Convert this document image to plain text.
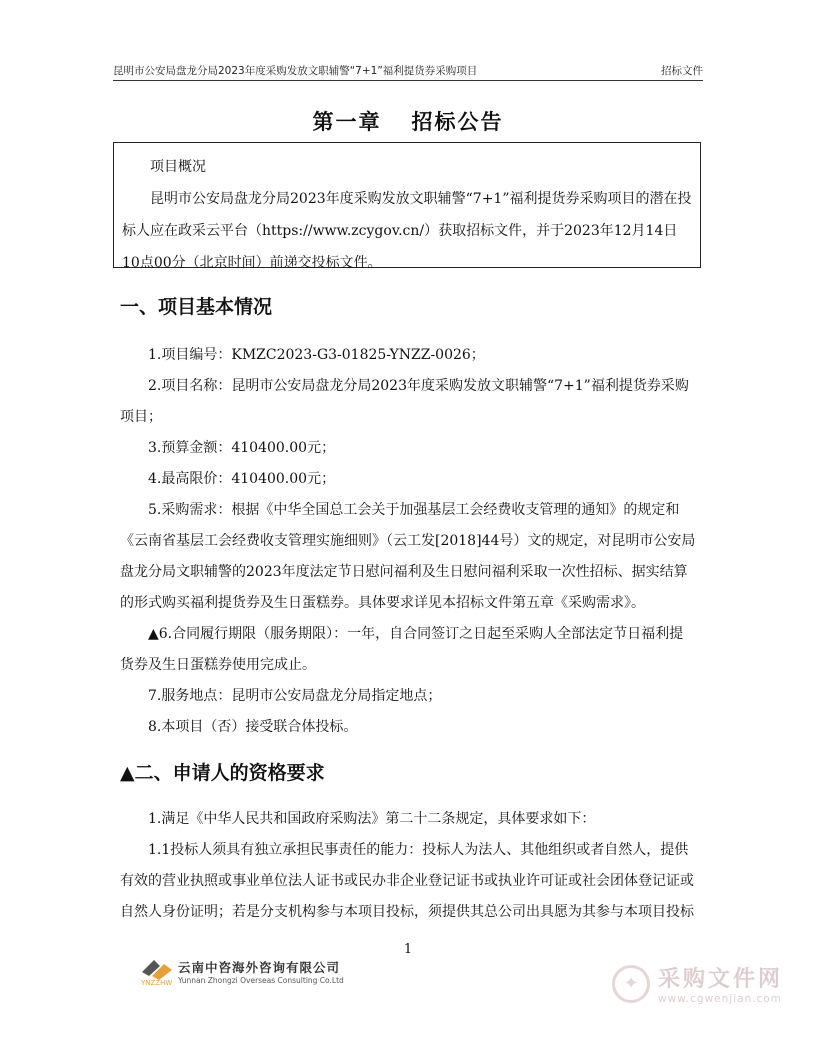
昆明市公安局盘龙分局2023年度采购发放文职辅警“7+1”福利提货券采购项目	招标文件
第一章 招标公告

项目概况

昆明市公安局盘龙分局2023年度采购发放文职辅警“7+1”福利提货券采购项目的潜在投标人应在政采云平台（https://www.zcygov.cn/）获取招标文件，并于2023年12月14日10点00分（北京时间）前递交投标文件。

一、项目基本情况

1.项目编号：KMZC2023-G3-01825-YNZZ-0026；

2.项目名称：昆明市公安局盘龙分局2023年度采购发放文职辅警“7+1”福利提货券采购项目；

3.预算金额：410400.00元；

4.最高限价：410400.00元；

5.采购需求：根据《中华全国总工会关于加强基层工会经费收支管理的通知》的规定和《云南省基层工会经费收支管理实施细则》（云工发[2018]44号）文的规定，对昆明市公安局盘龙分局文职辅警的2023年度法定节日慰问福利及生日慰问福利采取一次性招标、据实结算的形式购买福利提货券及生日蛋糕券。具体要求详见本招标文件第五章《采购需求》。

▲6.合同履行期限（服务期限）：一年，自合同签订之日起至采购人全部法定节日福利提货券及生日蛋糕券使用完成止。

7.服务地点：昆明市公安局盘龙分局指定地点；

8.本项目（否）接受联合体投标。

▲二、申请人的资格要求

1.满足《中华人民共和国政府采购法》第二十二条规定，具体要求如下：

1.1投标人须具有独立承担民事责任的能力：投标人为法人、其他组织或者自然人，提供有效的营业执照或事业单位法人证书或民办非企业登记证书或执业许可证或社会团体登记证或自然人身份证明；若是分支机构参与本项目投标，须提供其总公司出具愿为其参与本项目投标

1
YNZZHW
云南中咨海外咨询有限公司
Yunnan Zhongzi Overseas Consulting Co.Ltd	✦ 采购文件网
www.cgwenjian.com
